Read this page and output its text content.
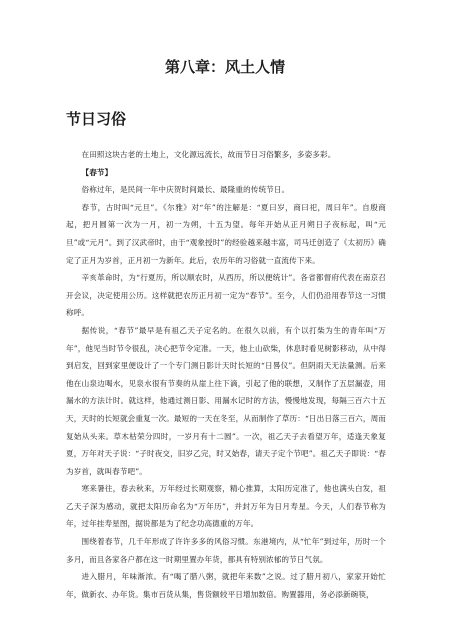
第八章：风土人情
节日习俗

在田照这块古老的土地上，文化源远流长，故而节日习俗繁多，多姿多彩。

【春节】

俗称过年，是民间一年中庆贺时间最长、最隆重的传统节日。

春节，古时叫“元旦”。《尔雅》对“年”的注解是：“夏曰岁，商曰祀，周曰年”。自殷商起，把月圆第一次为一月，初一为朔，十五为望。每年开始从正月朔日子夜标起，叫“元旦”或“元月”。到了汉武帝时，由于“观象授时”的经验越来越丰富，司马迁创造了《太初历》确定了正月为岁首，正月初一为新年。此后，农历年的习俗就一直流传下来。

辛亥革命时，为“行夏历，所以顺农时，从西历，所以便统计”。各省都督府代表在南京召开会议，决定使用公历。这样就把农历正月初一定为“春节”。至今，人们仍沿用春节这一习惯称呼。

据传说，“春节”最早是有祖乙天子定名的。在很久以前，有个以打柴为生的青年叫“万年”，他见当时节令很乱，决心把节令定准。一天，他上山砍柴，休息时看见树影移动，从中得到启发，回到家里便设计了一个专门测日影计天时长短的“日晷仪”。但阴雨天无法量测。后来他在山泉边喝水，见泉水很有节奏的从崖上往下滴，引起了他的联想，又制作了五层漏壶，用漏水的方法计时。就这样，他通过测日影、用漏水记时的方法，慢慢地发现，每隔三百六十五天，天时的长短就会重复一次。最短的一天在冬至，从而制作了草历：“日出日落三百六，周而复始从头来。草木枯荣分四时，一岁月有十二圆”。一次，祖乙天子去看望万年，适逢天象复夏，万年对天子说：“子时夜交，旧岁乙完，时又始春，请天子定个节吧”。祖乙天子即说：“春为岁首，就叫春节吧”。

寒来暑往，春去秋来，万年经过长期观察，精心推算，太阳历定准了，他也满头白发，祖乙天子深为感动，就把太阳历命名为“万年历”，并封万年为日月寿星。今天，人们春节称为年，过年挂寿星图，据说都是为了纪念功高德重的万年。

围绕着春节，几千年形成了许许多多的风俗习惯。东港境内，从“忙年”到过年，历时一个多月，而且各家各户都在这一时期里置办年货，都具有特别浓郁的节日气氛。

进入腊月，年味渐浓。有“喝了腊八粥，就把年来数”之说。过了腊月初八，家家开始忙年，做新衣、办年货。集市百货从集，售货额较平日增加数倍。购置器用，务必添新碗筷，
